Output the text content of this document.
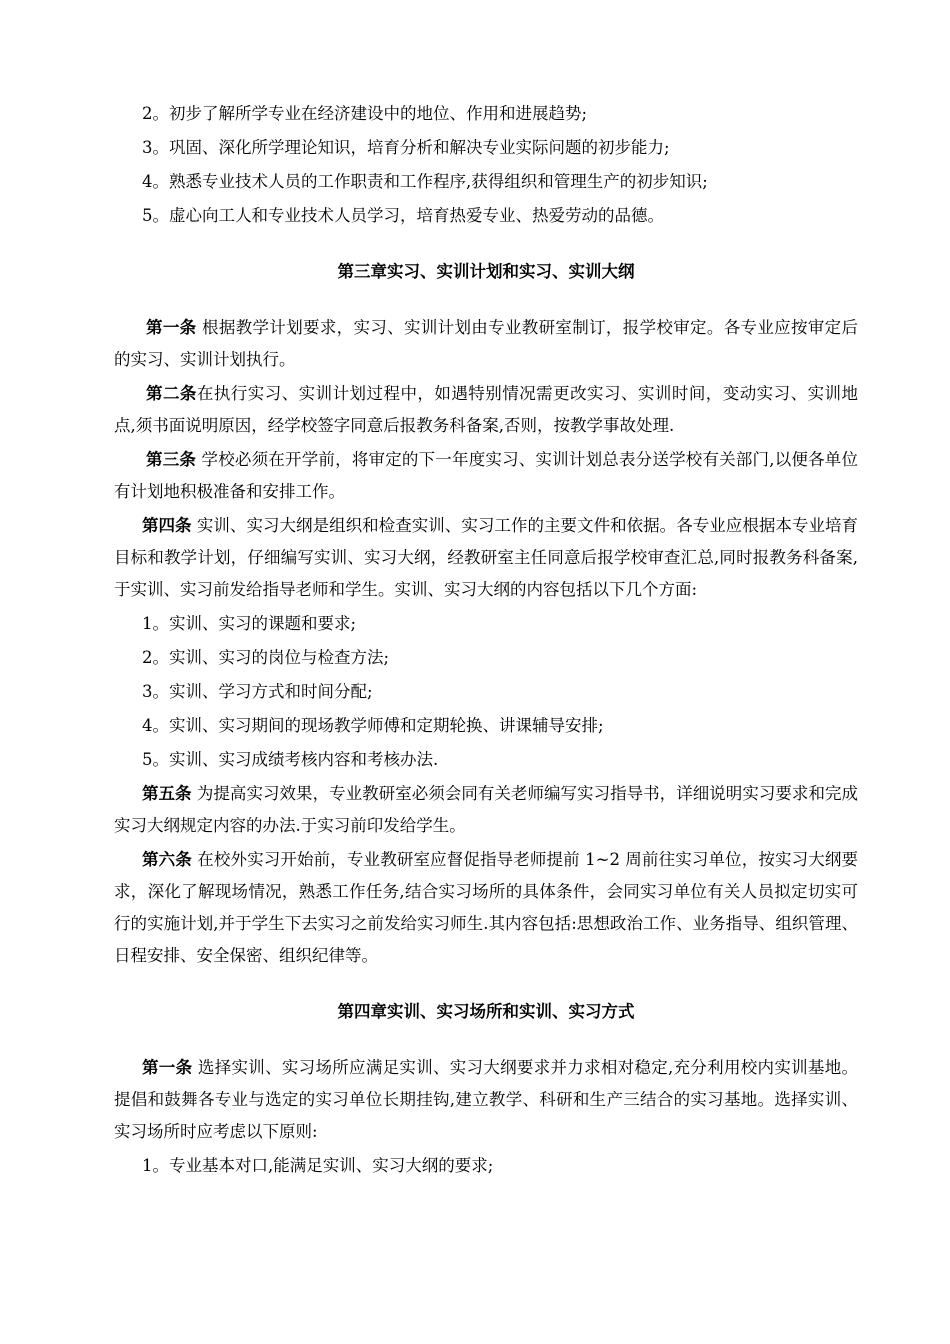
2。初步了解所学专业在经济建设中的地位、作用和进展趋势;
3。巩固、深化所学理论知识，培育分析和解决专业实际问题的初步能力;
4。熟悉专业技术人员的工作职责和工作程序,获得组织和管理生产的初步知识;
5。虚心向工人和专业技术人员学习，培育热爱专业、热爱劳动的品德。
第三章实习、实训计划和实习、实训大纲

第一条 根据教学计划要求，实习、实训计划由专业教研室制订，报学校审定。各专业应按审定后的实习、实训计划执行。

第二条在执行实习、实训计划过程中，如遇特别情况需更改实习、实训时间，变动实习、实训地点,须书面说明原因，经学校签字同意后报教务科备案,否则，按教学事故处理.

第三条 学校必须在开学前，将审定的下一年度实习、实训计划总表分送学校有关部门,以便各单位有计划地积极准备和安排工作。

第四条 实训、实习大纲是组织和检查实训、实习工作的主要文件和依据。各专业应根据本专业培育目标和教学计划，仔细编写实训、实习大纲，经教研室主任同意后报学校审查汇总,同时报教务科备案,于实训、实习前发给指导老师和学生。实训、实习大纲的内容包括以下几个方面:

1。实训、实习的课题和要求;
2。实训、实习的岗位与检查方法;
3。实训、学习方式和时间分配;
4。实训、实习期间的现场教学师傅和定期轮换、讲课辅导安排;
5。实训、实习成绩考核内容和考核办法.

第五条 为提高实习效果，专业教研室必须会同有关老师编写实习指导书，详细说明实习要求和完成实习大纲规定内容的办法.于实习前印发给学生。

第六条 在校外实习开始前，专业教研室应督促指导老师提前 1~2 周前往实习单位，按实习大纲要求，深化了解现场情况，熟悉工作任务,结合实习场所的具体条件，会同实习单位有关人员拟定切实可行的实施计划,并于学生下去实习之前发给实习师生.其内容包括:思想政治工作、业务指导、组织管理、日程安排、安全保密、组织纪律等。

第四章实训、实习场所和实训、实习方式

第一条 选择实训、实习场所应满足实训、实习大纲要求并力求相对稳定,充分利用校内实训基地。提倡和鼓舞各专业与选定的实习单位长期挂钩,建立教学、科研和生产三结合的实习基地。选择实训、实习场所时应考虑以下原则:

1。专业基本对口,能满足实训、实习大纲的要求;
